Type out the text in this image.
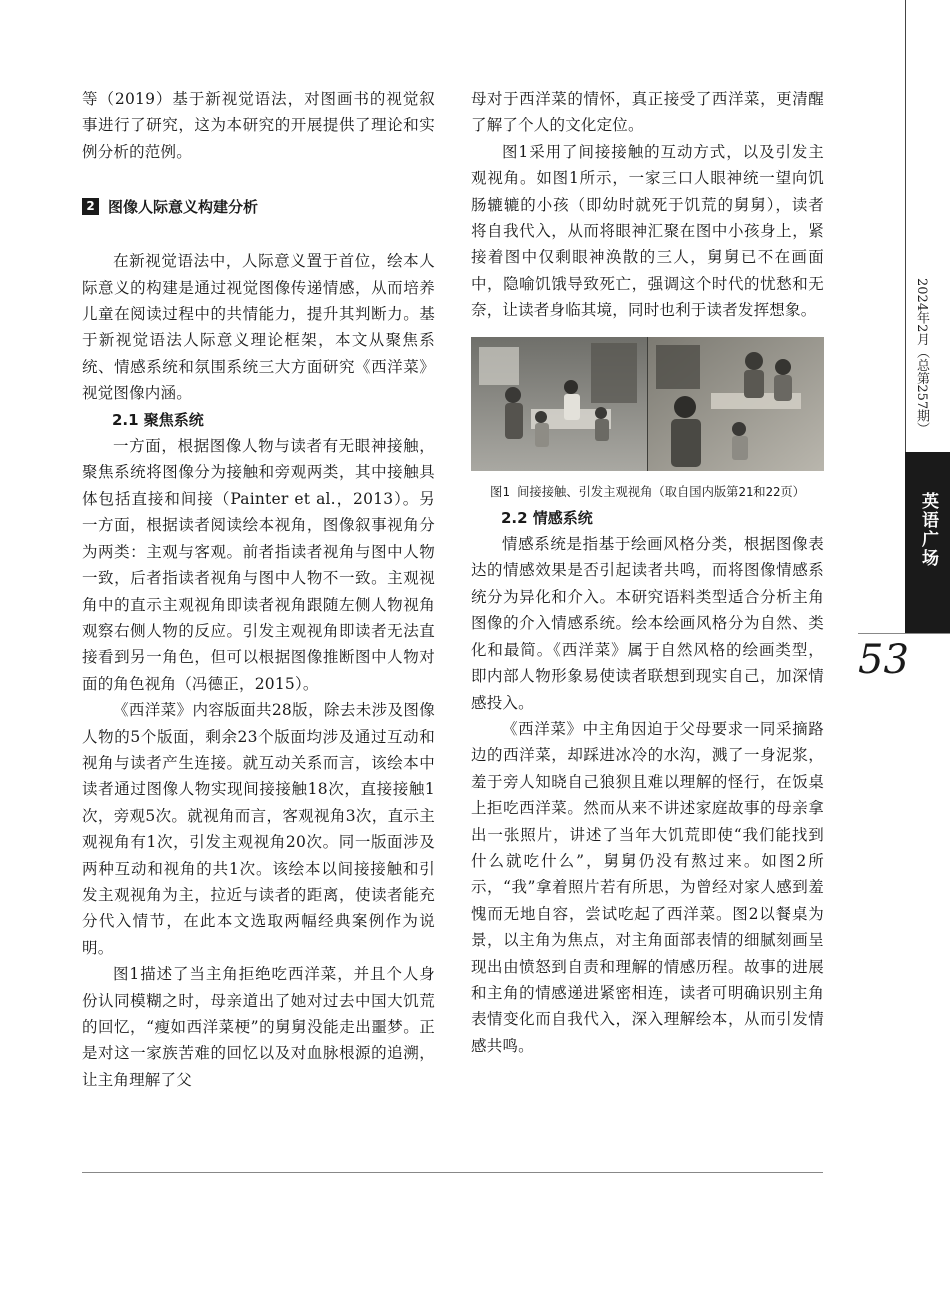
等（2019）基于新视觉语法，对图画书的视觉叙事进行了研究，这为本研究的开展提供了理论和实例分析的范例。

2 图像人际意义构建分析

在新视觉语法中，人际意义置于首位，绘本人际意义的构建是通过视觉图像传递情感，从而培养儿童在阅读过程中的共情能力，提升其判断力。基于新视觉语法人际意义理论框架，本文从聚焦系统、情感系统和氛围系统三大方面研究《西洋菜》视觉图像内涵。

2.1 聚焦系统

一方面，根据图像人物与读者有无眼神接触，聚焦系统将图像分为接触和旁观两类，其中接触具体包括直接和间接（Painter et al.，2013）。另一方面，根据读者阅读绘本视角，图像叙事视角分为两类：主观与客观。前者指读者视角与图中人物一致，后者指读者视角与图中人物不一致。主观视角中的直示主观视角即读者视角跟随左侧人物视角观察右侧人物的反应。引发主观视角即读者无法直接看到另一角色，但可以根据图像推断图中人物对面的角色视角（冯德正，2015）。

《西洋菜》内容版面共28版，除去未涉及图像人物的5个版面，剩余23个版面均涉及通过互动和视角与读者产生连接。就互动关系而言，该绘本中读者通过图像人物实现间接接触18次，直接接触1次，旁观5次。就视角而言，客观视角3次，直示主观视角有1次，引发主观视角20次。同一版面涉及两种互动和视角的共1次。该绘本以间接接触和引发主观视角为主，拉近与读者的距离，使读者能充分代入情节，在此本文选取两幅经典案例作为说明。

图1描述了当主角拒绝吃西洋菜，并且个人身份认同模糊之时，母亲道出了她对过去中国大饥荒的回忆，“瘦如西洋菜梗”的舅舅没能走出噩梦。正是对这一家族苦难的回忆以及对血脉根源的追溯，让主角理解了父

母对于西洋菜的情怀，真正接受了西洋菜，更清醒了解了个人的文化定位。

图1采用了间接接触的互动方式，以及引发主观视角。如图1所示，一家三口人眼神统一望向饥肠辘辘的小孩（即幼时就死于饥荒的舅舅），读者将自我代入，从而将眼神汇聚在图中小孩身上，紧接着图中仅剩眼神涣散的三人，舅舅已不在画面中，隐喻饥饿导致死亡，强调这个时代的忧愁和无奈，让读者身临其境，同时也利于读者发挥想象。

图1 间接接触、引发主观视角（取自国内版第21和22页）

2.2 情感系统

情感系统是指基于绘画风格分类，根据图像表达的情感效果是否引起读者共鸣，而将图像情感系统分为异化和介入。本研究语料类型适合分析主角图像的介入情感系统。绘本绘画风格分为自然、类化和最简。《西洋菜》属于自然风格的绘画类型，即内部人物形象易使读者联想到现实自己，加深情感投入。

《西洋菜》中主角因迫于父母要求一同采摘路边的西洋菜，却踩进冰冷的水沟，溅了一身泥浆，羞于旁人知晓自己狼狈且难以理解的怪行，在饭桌上拒吃西洋菜。然而从来不讲述家庭故事的母亲拿出一张照片，讲述了当年大饥荒即使“我们能找到什么就吃什么”，舅舅仍没有熬过来。如图2所示，“我”拿着照片若有所思，为曾经对家人感到羞愧而无地自容，尝试吃起了西洋菜。图2以餐桌为景，以主角为焦点，对主角面部表情的细腻刻画呈现出由愤怒到自责和理解的情感历程。故事的进展和主角的情感递进紧密相连，读者可明确识别主角表情变化而自我代入，深入理解绘本，从而引发情感共鸣。

2024年2月（总第257期）
英语广场
53
